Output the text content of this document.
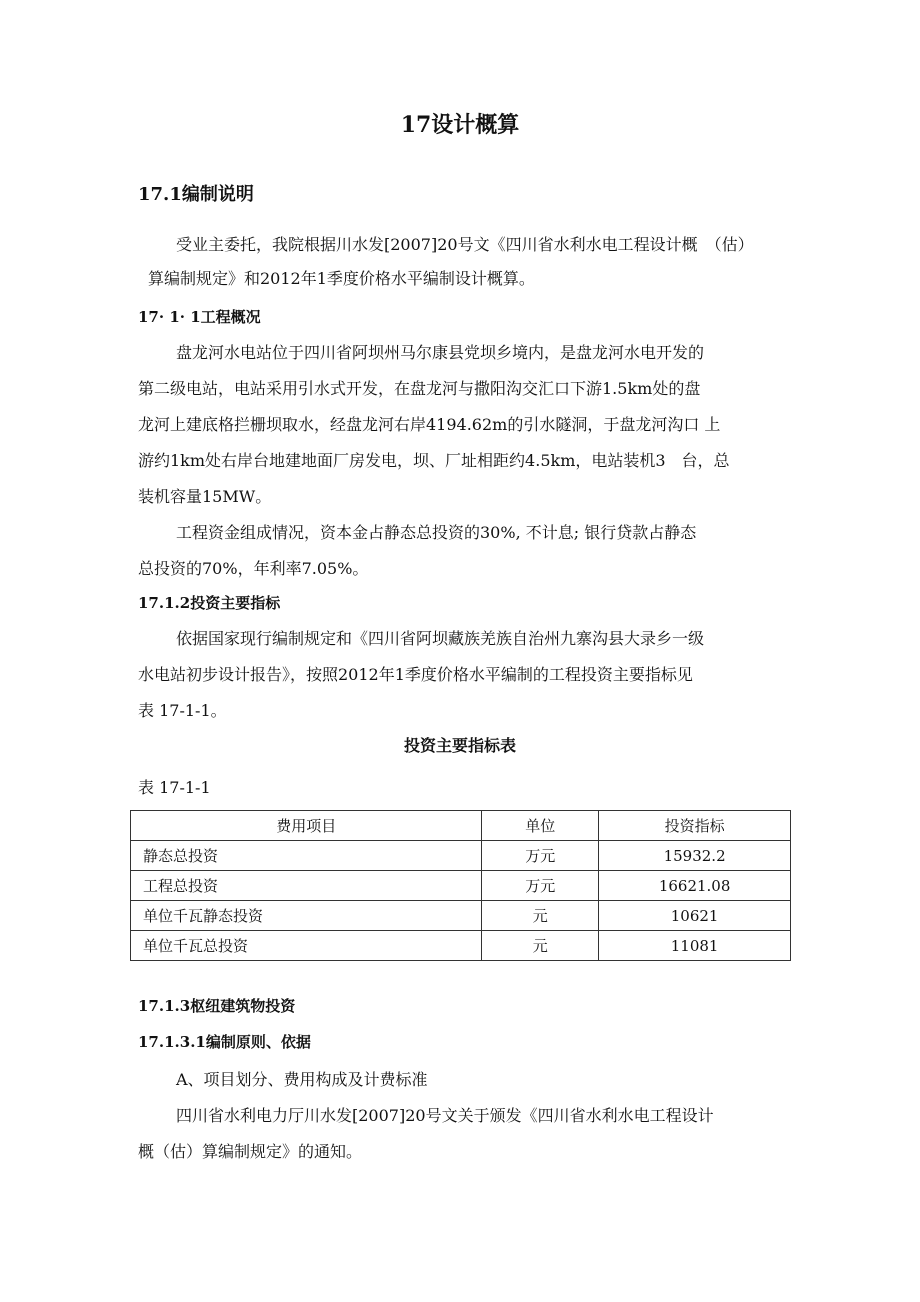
17设计概算
17.1编制说明
受业主委托，我院根据川水发[2007]20号文《四川省水利水电工程设计概　（估）
算编制规定》和2012年1季度价格水平编制设计概算。
17· 1· 1工程概况
盘龙河水电站位于四川省阿坝州马尔康县党坝乡境内，是盘龙河水电开发的
第二级电站，电站采用引水式开发，在盘龙河与撒阳沟交汇口下游1.5km处的盘
龙河上建底格拦栅坝取水，经盘龙河右岸4194.62m的引水隧洞，于盘龙河沟口 上
游约1km处右岸台地建地面厂房发电，坝、厂址相距约4.5km，电站装机3　台，总
装机容量15MW。
工程资金组成情况，资本金占静态总投资的30%, 不计息; 银行贷款占静态
总投资的70%，年利率7.05%。
17.1.2投资主要指标
依据国家现行编制规定和《四川省阿坝藏族羌族自治州九寨沟县大录乡一级
水电站初步设计报告》，按照2012年1季度价格水平编制的工程投资主要指标见
表 17-1-1。
投资主要指标表
表 17-1-1
费用项目	单位	投资指标
静态总投资	万元	15932.2
工程总投资	万元	16621.08
单位千瓦静态投资	元	10621
单位千瓦总投资	元	11081
17.1.3枢纽建筑物投资
17.1.3.1编制原则、依据
A、项目划分、费用构成及计费标准
四川省水利电力厅川水发[2007]20号文关于颁发《四川省水利水电工程设计
概（估）算编制规定》的通知。
